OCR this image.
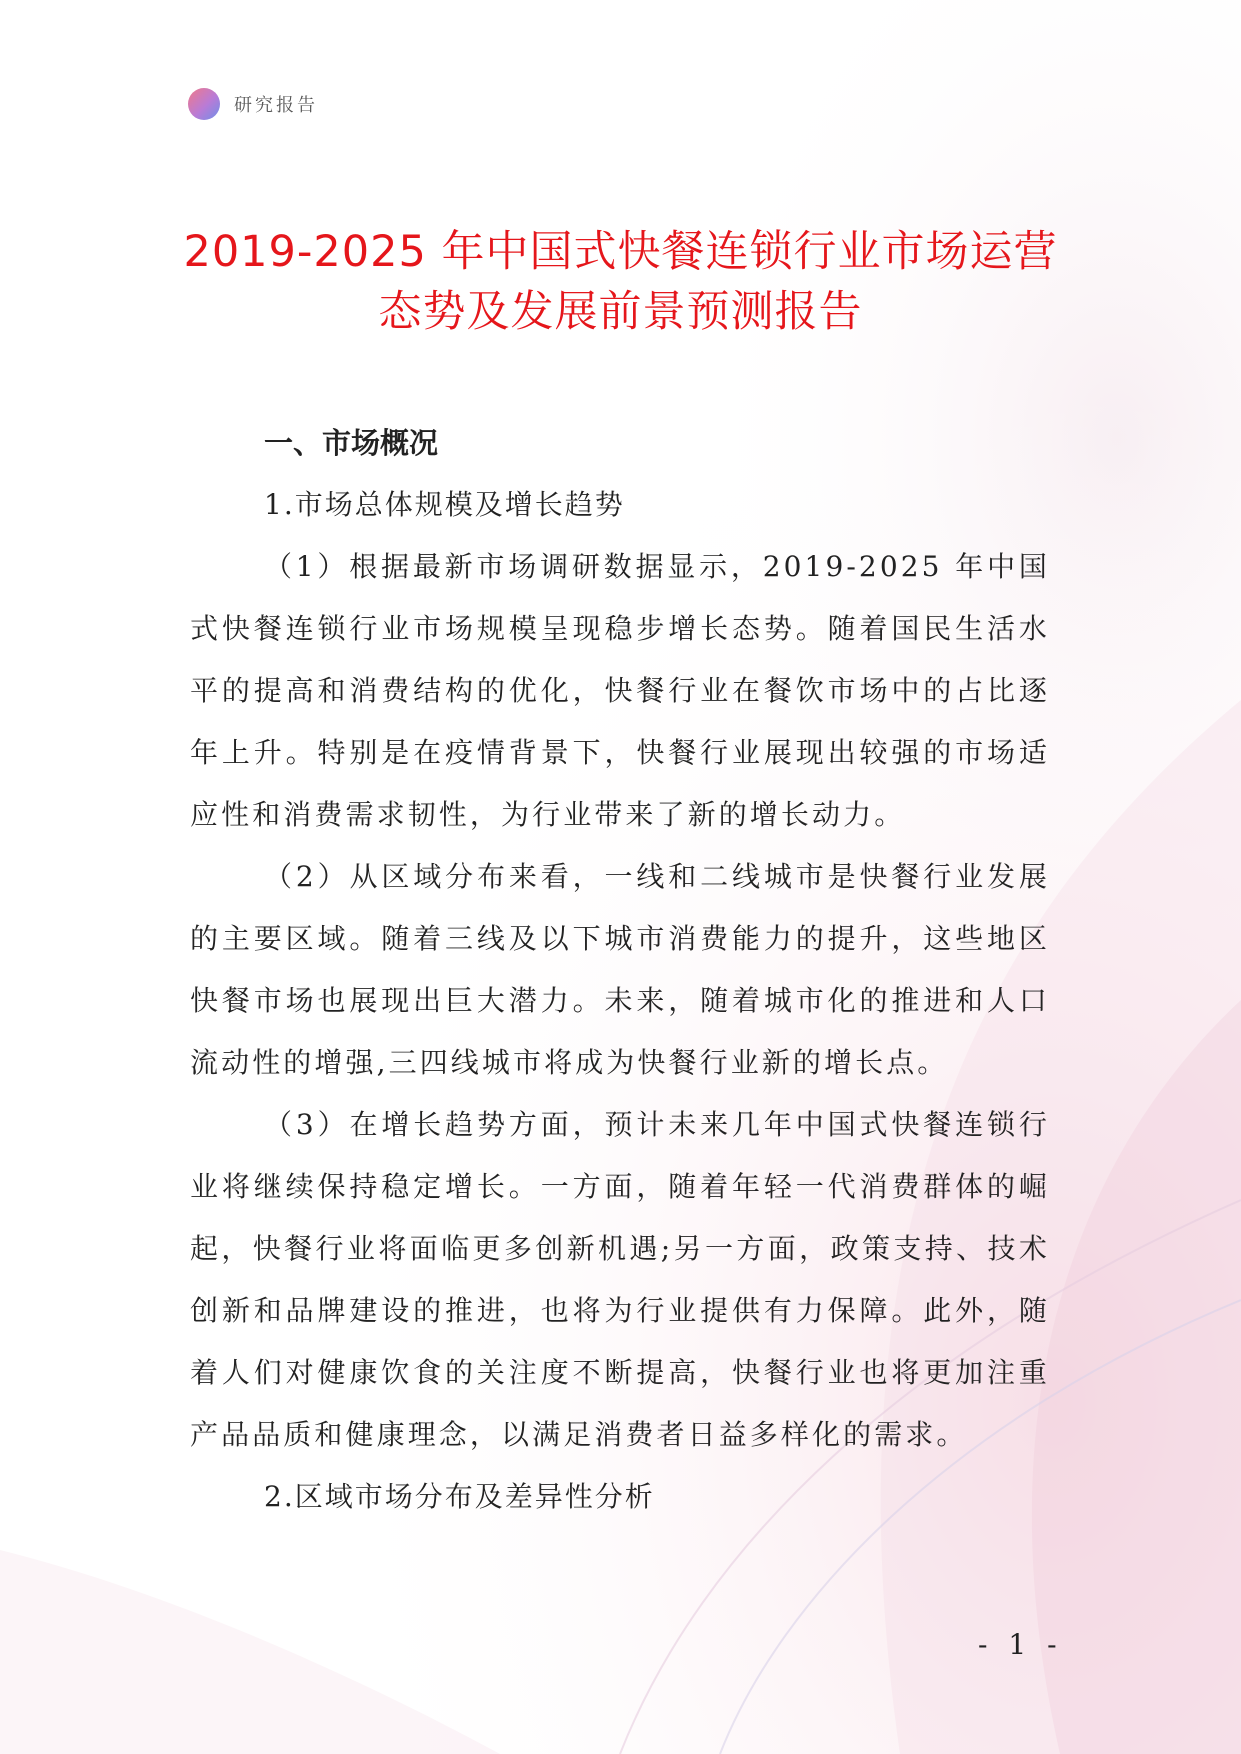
研究报告
2019-2025 年中国式快餐连锁行业市场运营
态势及发展前景预测报告
一、市场概况
1.市场总体规模及增长趋势

（1）根据最新市场调研数据显示，2019-2025 年中国式快餐连锁行业市场规模呈现稳步增长态势。随着国民生活水平的提高和消费结构的优化，快餐行业在餐饮市场中的占比逐年上升。特别是在疫情背景下，快餐行业展现出较强的市场适应性和消费需求韧性，为行业带来了新的增长动力。

（2）从区域分布来看，一线和二线城市是快餐行业发展的主要区域。随着三线及以下城市消费能力的提升，这些地区快餐市场也展现出巨大潜力。未来，随着城市化的推进和人口流动性的增强,三四线城市将成为快餐行业新的增长点。

（3）在增长趋势方面，预计未来几年中国式快餐连锁行业将继续保持稳定增长。一方面，随着年轻一代消费群体的崛起，快餐行业将面临更多创新机遇;另一方面，政策支持、技术创新和品牌建设的推进，也将为行业提供有力保障。此外，随着人们对健康饮食的关注度不断提高，快餐行业也将更加注重产品品质和健康理念，以满足消费者日益多样化的需求。

2.区域市场分布及差异性分析
- 1 -
